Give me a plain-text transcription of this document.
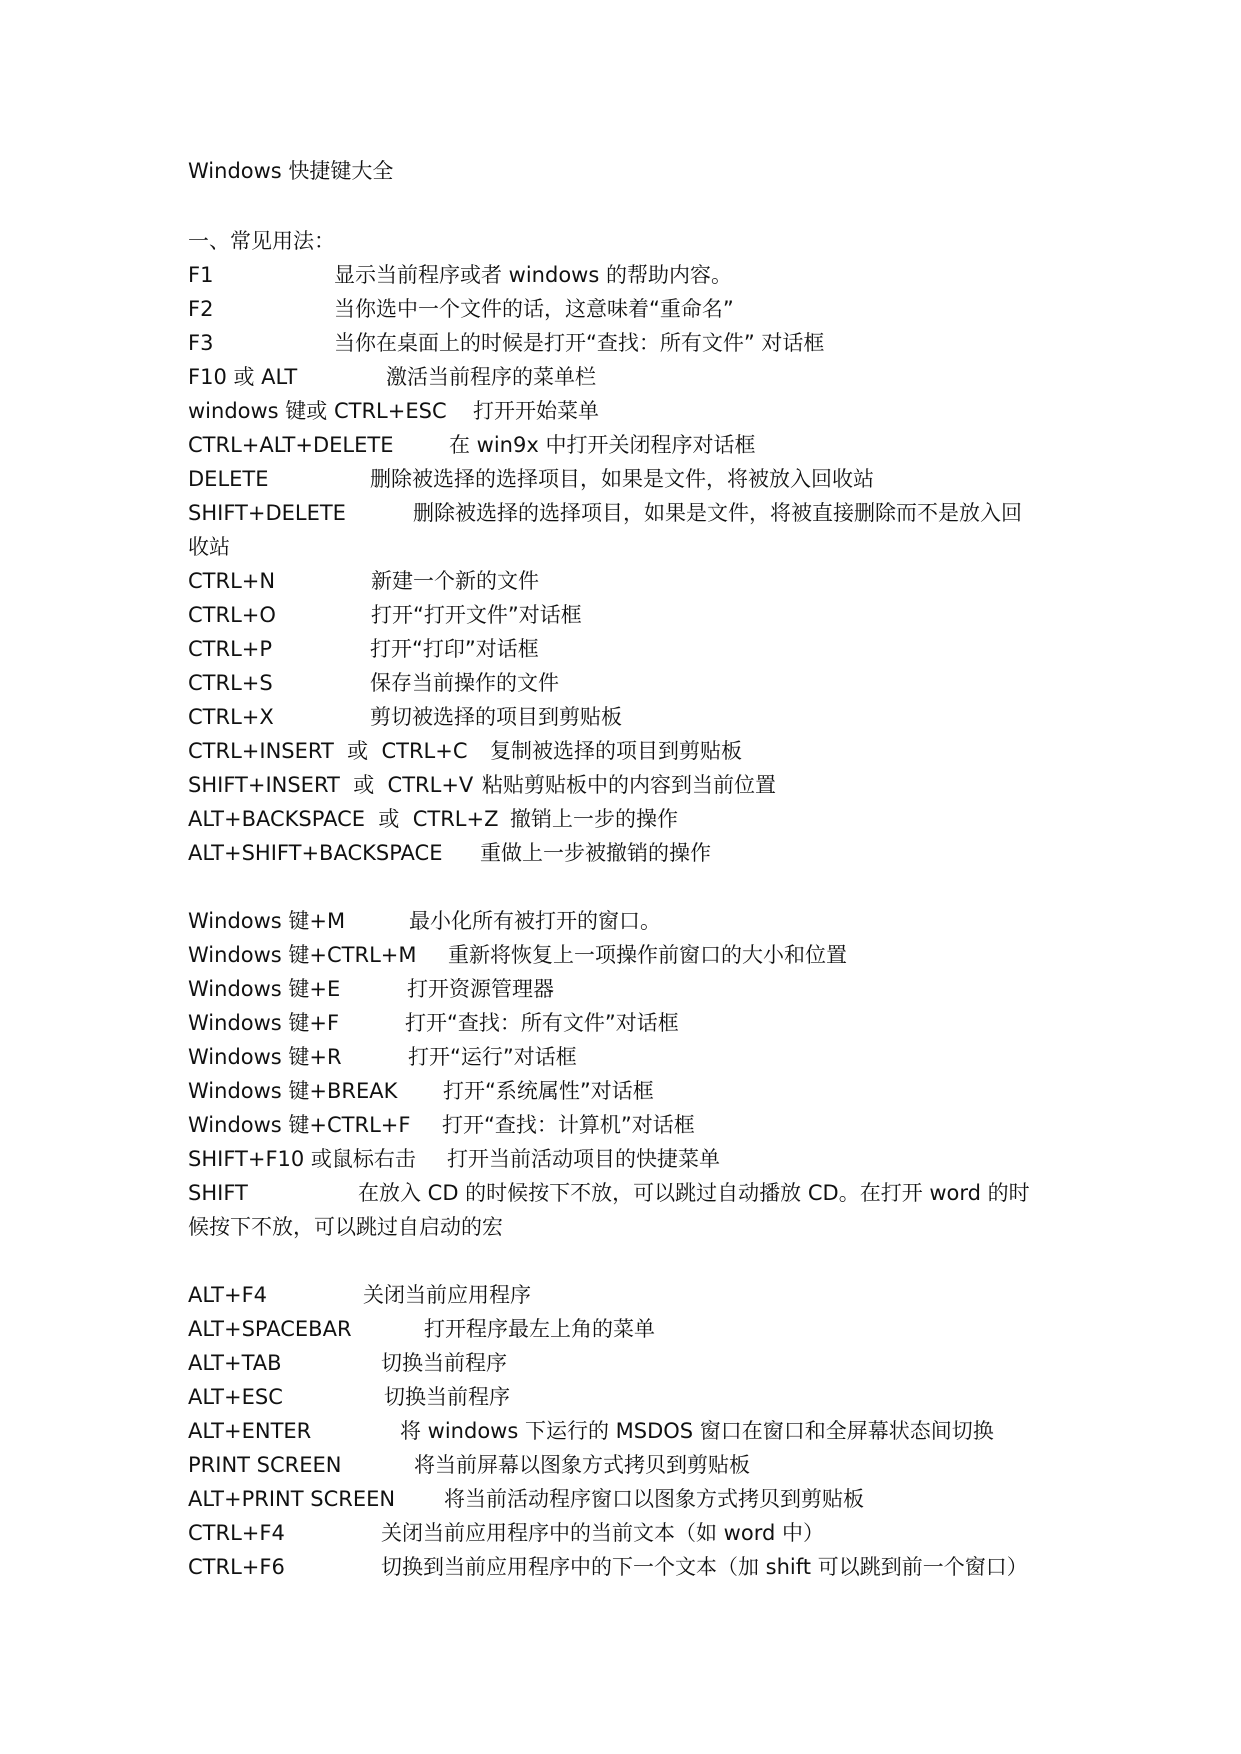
Windows 快捷键大全
一、常见用法：
F1	显示当前程序或者 windows 的帮助内容。
F2	当你选中一个文件的话，这意味着“重命名”
F3	当你在桌面上的时候是打开“查找：所有文件” 对话框
F10 或 ALT	激活当前程序的菜单栏
windows 键或 CTRL+ESC 打开开始菜单
CTRL+ALT+DELETE	在 win9x 中打开关闭程序对话框
DELETE	删除被选择的选择项目，如果是文件，将被放入回收站
SHIFT+DELETE	删除被选择的选择项目，如果是文件，将被直接删除而不是放入回
收站
CTRL+N	新建一个新的文件
CTRL+O	打开“打开文件”对话框
CTRL+P	打开“打印”对话框
CTRL+S	保存当前操作的文件
CTRL+X	剪切被选择的项目到剪贴板
CTRL+INSERT  或  CTRL+C 复制被选择的项目到剪贴板
SHIFT+INSERT  或  CTRL+V 粘贴剪贴板中的内容到当前位置
ALT+BACKSPACE  或  CTRL+Z 撤销上一步的操作
ALT+SHIFT+BACKSPACE 重做上一步被撤销的操作
Windows 键+M	最小化所有被打开的窗口。
Windows 键+CTRL+M 重新将恢复上一项操作前窗口的大小和位置
Windows 键+E	打开资源管理器
Windows 键+F	打开“查找：所有文件”对话框
Windows 键+R	打开“运行”对话框
Windows 键+BREAK 打开“系统属性”对话框
Windows 键+CTRL+F 打开“查找：计算机”对话框
SHIFT+F10 或鼠标右击 打开当前活动项目的快捷菜单
SHIFT	在放入 CD 的时候按下不放，可以跳过自动播放 CD。在打开 word 的时
候按下不放，可以跳过自启动的宏
ALT+F4	关闭当前应用程序
ALT+SPACEBAR	打开程序最左上角的菜单
ALT+TAB	切换当前程序
ALT+ESC	切换当前程序
ALT+ENTER	将 windows 下运行的 MSDOS 窗口在窗口和全屏幕状态间切换
PRINT SCREEN	将当前屏幕以图象方式拷贝到剪贴板
ALT+PRINT SCREEN 将当前活动程序窗口以图象方式拷贝到剪贴板
CTRL+F4	关闭当前应用程序中的当前文本（如 word 中）
CTRL+F6	切换到当前应用程序中的下一个文本（加 shift 可以跳到前一个窗口）
